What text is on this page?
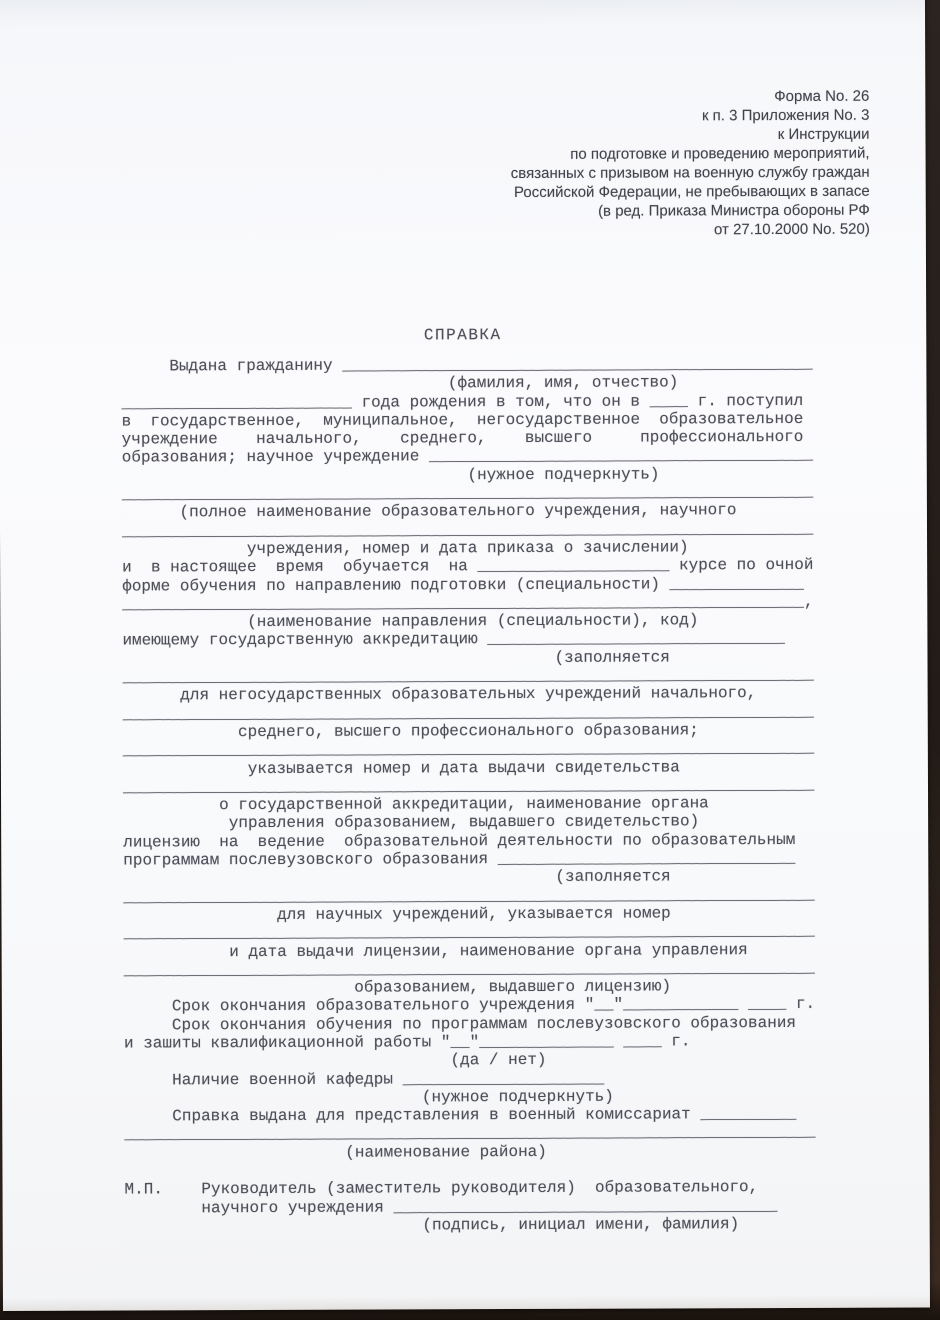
Форма No. 26
к п. 3 Приложения No. 3
к Инструкции
по подготовке и проведению мероприятий,
связанных с призывом на военную службу граждан
Российской Федерации, не пребывающих в запасе
(в ред. Приказа Министра обороны РФ
от 27.10.2000 No. 520)
СПРАВКА
Выдана гражданину _________________________________________________
(фамилия, имя, отчество)
________________________ года рождения в том, что он в ____ г. поступил
в  государственное,  муниципальное,  негосударственное  образовательное
учреждение    начального,    среднего,    высшего     профессионального
образования; научное учреждение ________________________________________
(нужное подчеркнуть)
________________________________________________________________________
(полное наименование образовательного учреждения, научного
________________________________________________________________________
учреждения, номер и дата приказа о зачислении)
и  в настоящее  время  обучается  на ____________________ курсе по очной
форме обучения по направлению подготовки (специальности) ______________
_______________________________________________________________________,
(наименование направления (специальности), код)
имеющему государственную аккредитацию _______________________________
(заполняется
________________________________________________________________________
для негосударственных образовательных учреждений начального,
________________________________________________________________________
среднего, высшего профессионального образования;
________________________________________________________________________
указывается номер и дата выдачи свидетельства
________________________________________________________________________
о государственной аккредитации, наименование органа
управления образованием, выдавшего свидетельство)
лицензию  на  ведение  образовательной деятельности по образовательным
программам послевузовского образования _______________________________
(заполняется
________________________________________________________________________
для научных учреждений, указывается номер
________________________________________________________________________
и дата выдачи лицензии, наименование органа управления
________________________________________________________________________
образованием, выдавшего лицензию)
Срок окончания образовательного учреждения "__"____________ ____ г.
Срок окончания обучения по программам послевузовского образования
и зашиты квалификационной работы "__"______________ ____ г.
(да / нет)
Наличие военной кафедры _____________________
(нужное подчеркнуть)
Справка выдана для представления в военный комиссариат __________
________________________________________________________________________
(наименование района)

М.П.    Руководитель (заместитель руководителя)  образовательного,
научного учреждения ________________________________________
(подпись, инициал имени, фамилия)
